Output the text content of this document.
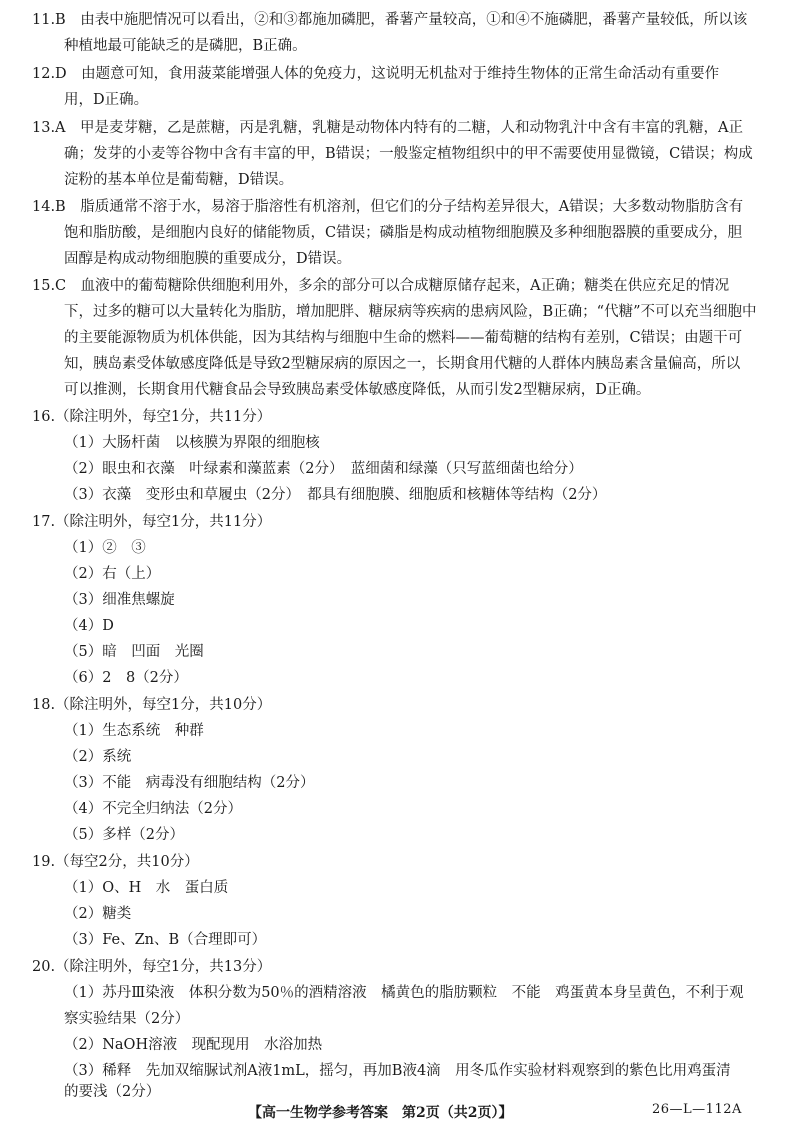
11.B　由表中施肥情况可以看出，②和③都施加磷肥，番薯产量较高，①和④不施磷肥，番薯产量较低，所以该
种植地最可能缺乏的是磷肥，B正确。
12.D　由题意可知，食用菠菜能增强人体的免疫力，这说明无机盐对于维持生物体的正常生命活动有重要作
用，D正确。
13.A　甲是麦芽糖，乙是蔗糖，丙是乳糖，乳糖是动物体内特有的二糖，人和动物乳汁中含有丰富的乳糖，A正
确；发芽的小麦等谷物中含有丰富的甲，B错误；一般鉴定植物组织中的甲不需要使用显微镜，C错误；构成
淀粉的基本单位是葡萄糖，D错误。
14.B　脂质通常不溶于水，易溶于脂溶性有机溶剂，但它们的分子结构差异很大，A错误；大多数动物脂肪含有
饱和脂肪酸，是细胞内良好的储能物质，C错误；磷脂是构成动植物细胞膜及多种细胞器膜的重要成分，胆
固醇是构成动物细胞膜的重要成分，D错误。
15.C　血液中的葡萄糖除供细胞利用外，多余的部分可以合成糖原储存起来，A正确；糖类在供应充足的情况
下，过多的糖可以大量转化为脂肪，增加肥胖、糖尿病等疾病的患病风险，B正确；“代糖”不可以充当细胞中
的主要能源物质为机体供能，因为其结构与细胞中生命的燃料——葡萄糖的结构有差别，C错误；由题干可
知，胰岛素受体敏感度降低是导致2型糖尿病的原因之一，长期食用代糖的人群体内胰岛素含量偏高，所以
可以推测，长期食用代糖食品会导致胰岛素受体敏感度降低，从而引发2型糖尿病，D正确。
16.（除注明外，每空1分，共11分）
（1）大肠杆菌　以核膜为界限的细胞核
（2）眼虫和衣藻　叶绿素和藻蓝素（2分）　蓝细菌和绿藻（只写蓝细菌也给分）
（3）衣藻　变形虫和草履虫（2分）　都具有细胞膜、细胞质和核糖体等结构（2分）
17.（除注明外，每空1分，共11分）
（1）②　③
（2）右（上）
（3）细准焦螺旋
（4）D
（5）暗　凹面　光圈
（6）2　8（2分）
18.（除注明外，每空1分，共10分）
（1）生态系统　种群
（2）系统
（3）不能　病毒没有细胞结构（2分）
（4）不完全归纳法（2分）
（5）多样（2分）
19.（每空2分，共10分）
（1）O、H　水　蛋白质
（2）糖类
（3）Fe、Zn、B（合理即可）
20.（除注明外，每空1分，共13分）
（1）苏丹Ⅲ染液　体积分数为50％的酒精溶液　橘黄色的脂肪颗粒　不能　鸡蛋黄本身呈黄色，不利于观
察实验结果（2分）
（2）NaOH溶液　现配现用　水浴加热
（3）稀释　先加双缩脲试剂A液1mL，摇匀，再加B液4滴　用冬瓜作实验材料观察到的紫色比用鸡蛋清
的要浅（2分）
【高一生物学参考答案　第2页（共2页）】	26—L—112A
